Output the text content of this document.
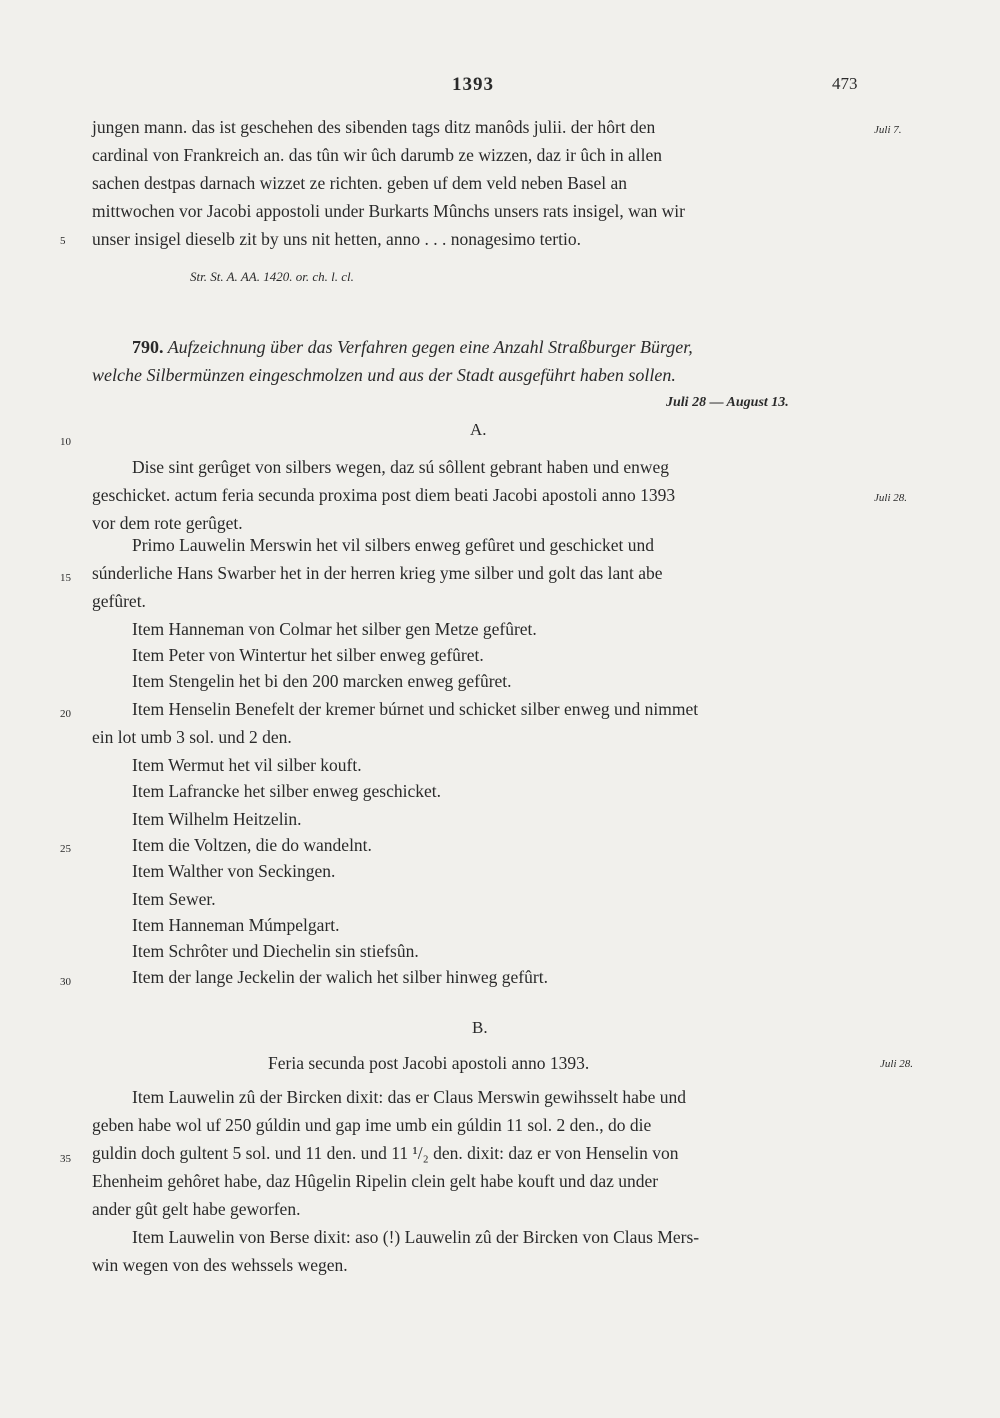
1393	473
jungen mann. das ist geschehen des sibenden tags ditz manôds julii. der hôrt den
cardinal von Frankreich an. das tûn wir ûch darumb ze wizzen, daz ir ûch in allen
sachen destpas darnach wizzet ze richten. geben uf dem veld neben Basel an
mittwochen vor Jacobi appostoli under Burkarts Mûnchs unsers rats insigel, wan wir
unser insigel dieselb zit by uns nit hetten, anno . . . nonagesimo tertio.
Str. St. A. AA. 1420. or. ch. l. cl.
790. Aufzeichnung über das Verfahren gegen eine Anzahl Straßburger Bürger,
welche Silbermünzen eingeschmolzen und aus der Stadt ausgeführt haben sollen.
Juli 28 — August 13.
A.
Dise sint gerûget von silbers wegen, daz sú sôllent gebrant haben und enweg
geschicket. actum feria secunda proxima post diem beati Jacobi apostoli anno 1393
vor dem rote gerûget.
Primo Lauwelin Merswin het vil silbers enweg gefûret und geschicket und
súnderliche Hans Swarber het in der herren krieg yme silber und golt das lant abe
gefûret.
Item Hanneman von Colmar het silber gen Metze gefûret.
Item Peter von Wintertur het silber enweg gefûret.
Item Stengelin het bi den 200 marcken enweg gefûret.
Item Henselin Benefelt der kremer búrnet und schicket silber enweg und nimmet
ein lot umb 3 sol. und 2 den.
Item Wermut het vil silber kouft.
Item Lafrancke het silber enweg geschicket.
Item Wilhelm Heitzelin.
Item die Voltzen, die do wandelnt.
Item Walther von Seckingen.
Item Sewer.
Item Hanneman Múmpelgart.
Item Schrôter und Diechelin sin stiefsûn.
Item der lange Jeckelin der walich het silber hinweg gefûrt.
B.
Feria secunda post Jacobi apostoli anno 1393.
Item Lauwelin zû der Bircken dixit: das er Claus Merswin gewihsselt habe und
geben habe wol uf 250 gúldin und gap ime umb ein gúldin 11 sol. 2 den., do die
guldin doch gultent 5 sol. und 11 den. und 11 ¹/₂ den. dixit: daz er von Henselin von
Ehenheim gehôret habe, daz Hûgelin Ripelin clein gelt habe kouft und daz under
ander gût gelt habe geworfen.
Item Lauwelin von Berse dixit: aso (!) Lauwelin zû der Bircken von Claus Mers-
win wegen von des wehssels wegen.
5
10
15
20
25
30
35
Juli 7.
Juli 28.
Juli 28.
